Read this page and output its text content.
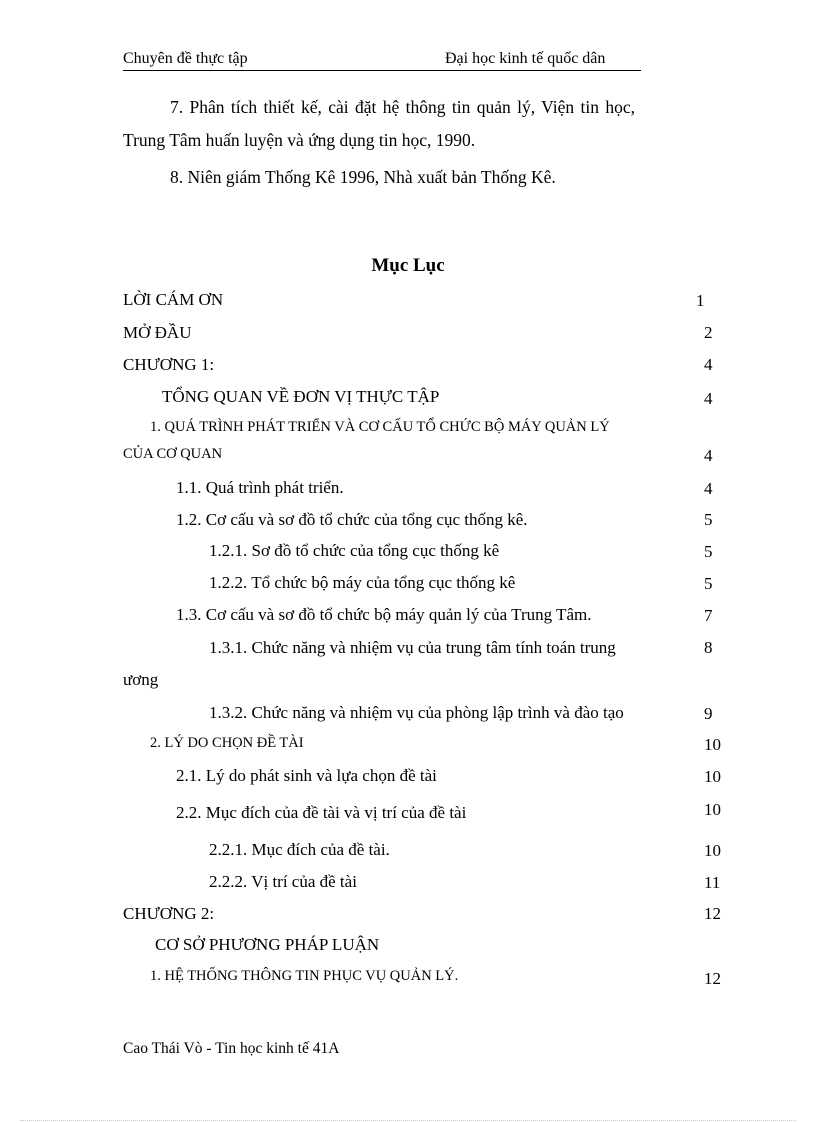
Chuyên đề thực tập	Đại học kinh tế quốc dân
7. Phân tích thiết kế, cài đặt hệ thông tin quản lý, Viện tin học,
Trung Tâm huấn luyện và ứng dụng tin học, 1990.
8. Niên giám Thống Kê 1996, Nhà xuất bản Thống Kê.
Mục Lục
LỜI CÁM ƠN	1
MỞ ĐẦU	2
CHƯƠNG 1:	4
TỔNG QUAN VỀ ĐƠN VỊ THỰC TẬP	4
1. QUÁ TRÌNH PHÁT TRIỂN VÀ CƠ CẤU TỔ CHỨC BỘ MÁY QUẢN LÝ
CỦA CƠ QUAN	4
1.1. Quá trình phát triển.	4
1.2. Cơ cấu và sơ đồ tổ chức của tổng cục thống kê.	5
1.2.1. Sơ đồ tổ chức của tổng cục thống kê	5
1.2.2. Tổ chức bộ máy của tổng cục thống kê	5
1.3. Cơ cấu và sơ đồ tổ chức bộ máy quản lý của Trung Tâm.	7
1.3.1. Chức năng và nhiệm vụ của trung tâm tính toán trung	8
ương
1.3.2. Chức năng và nhiệm vụ của phòng lập trình và đào tạo	9
2. LÝ DO CHỌN ĐỀ TÀI	10
2.1. Lý do phát sinh và lựa chọn đề tài	10
2.2. Mục đích của đề tài và vị trí của đề tài	10
2.2.1. Mục đích của đề tài.	10
2.2.2. Vị trí của đề tài	11
CHƯƠNG 2:	12
CƠ SỞ PHƯƠNG PHÁP LUẬN
1. HỆ THỐNG THÔNG TIN PHỤC VỤ QUẢN LÝ.	12
Cao Thái Vò - Tin học kinh tế 41A
